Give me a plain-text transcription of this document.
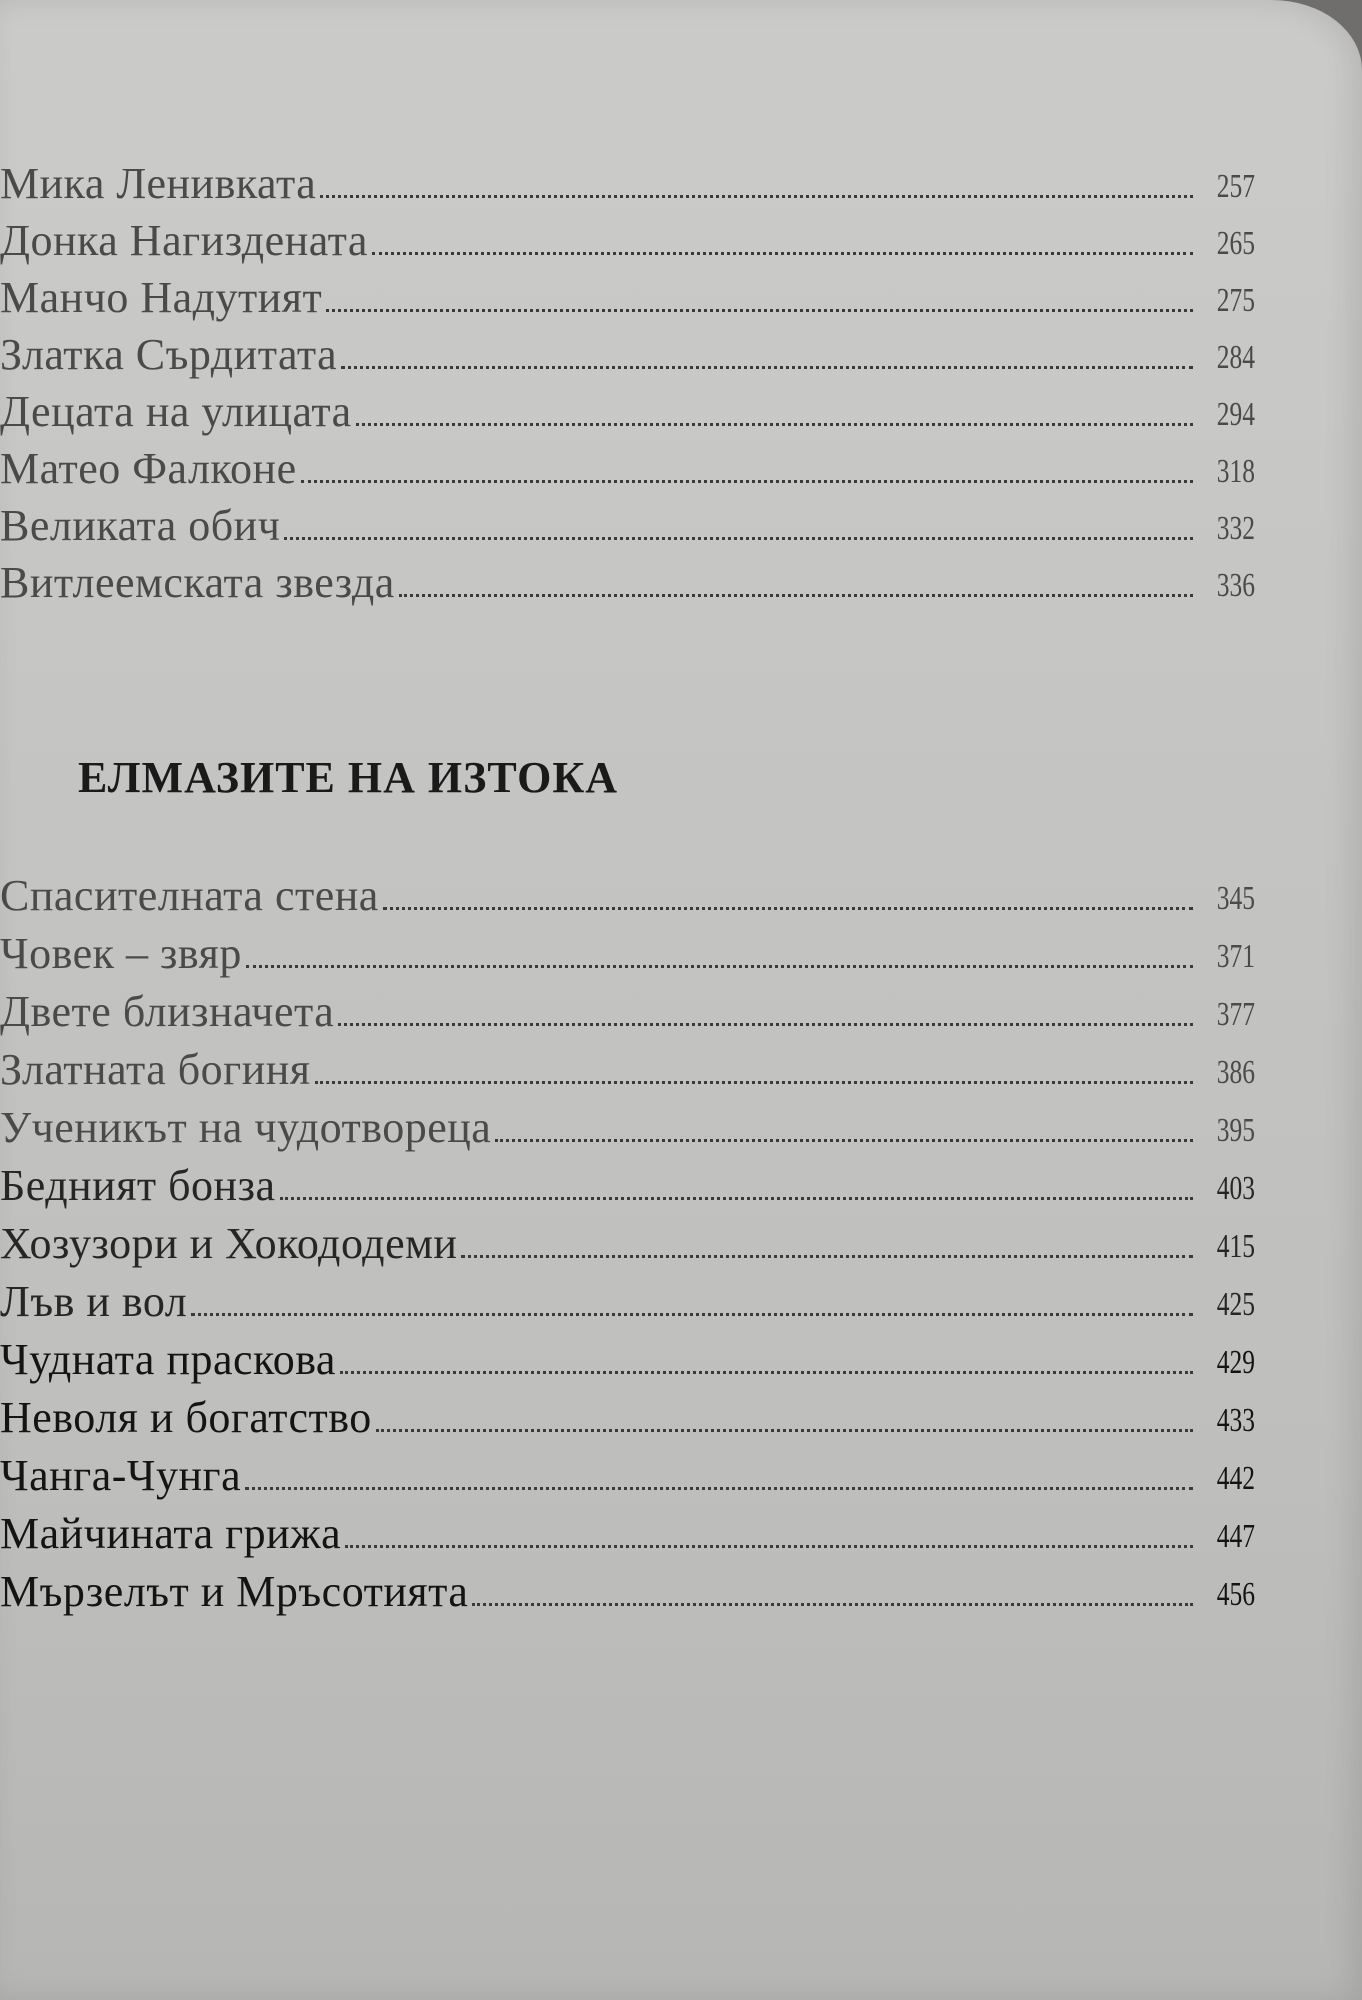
Мика Ленивката	257
Донка Нагиздената	265
Манчо Надутият	275
Златка Сърдитата	284
Децата на улицата	294
Матео Фалконе	318
Великата обич	332
Витлеемската звезда	336
ЕЛМАЗИТЕ НА ИЗТОКА
Спасителната стена	345
Човек – звяр	371
Двете близначета	377
Златната богиня	386
Ученикът на чудотвореца	395
Бедният бонза	403
Хозузори и Хокододеми	415
Лъв и вол	425
Чудната праскова	429
Неволя и богатство	433
Чанга-Чунга	442
Майчината грижа	447
Мързелът и Мръсотията	456
